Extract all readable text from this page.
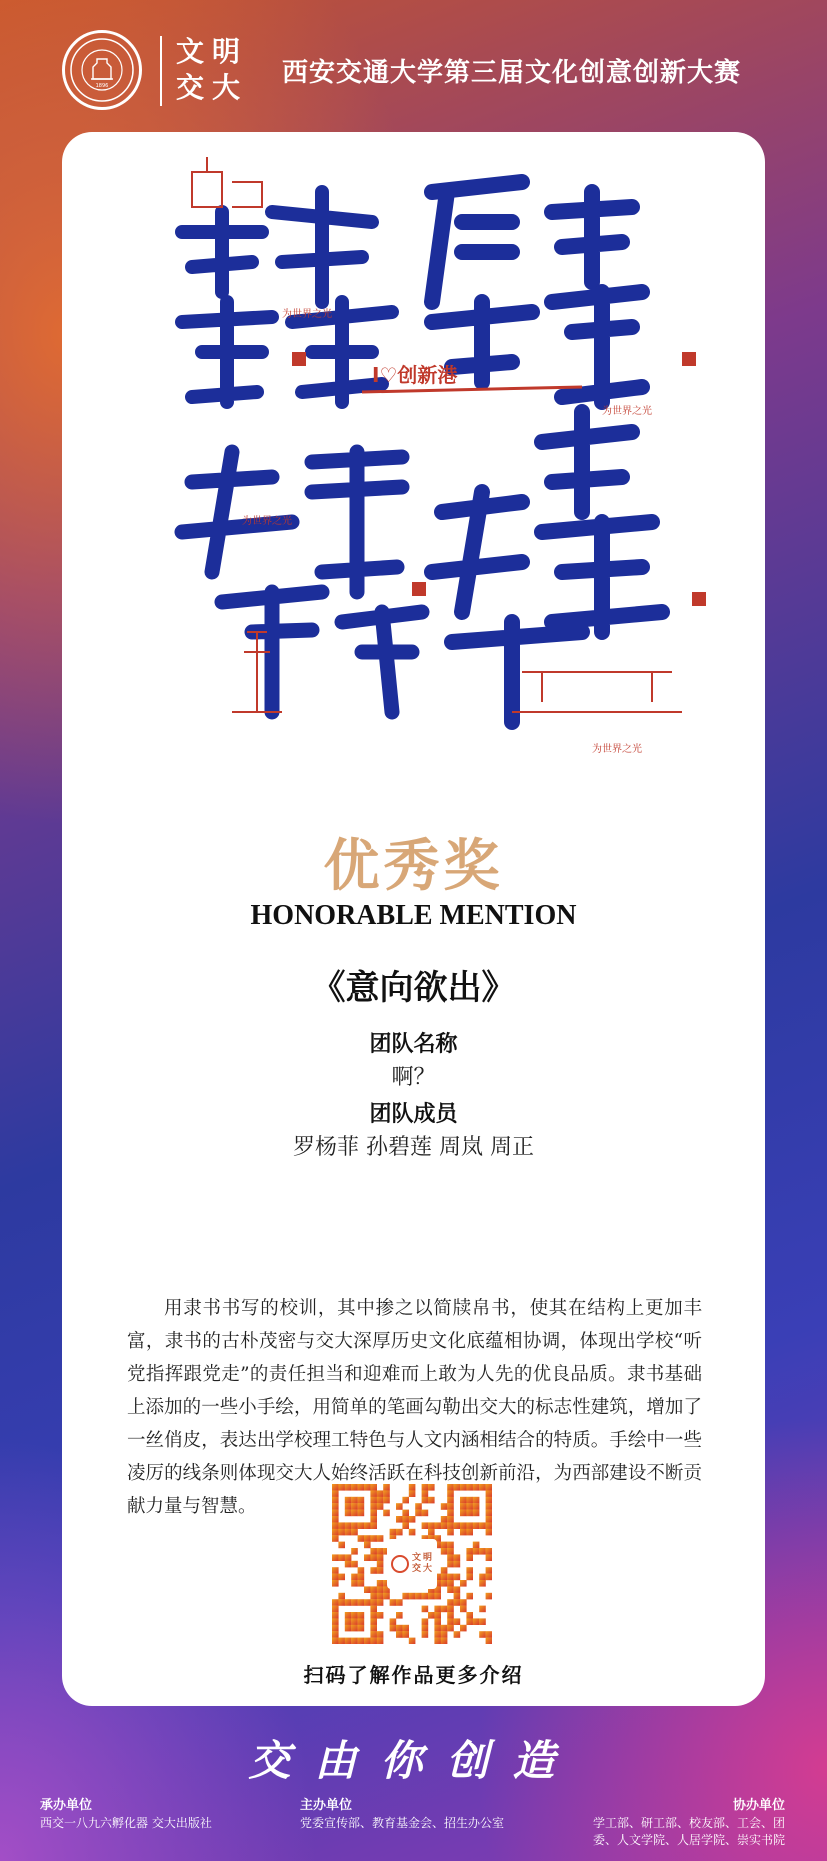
1896
文 明
交 大 西安交通大学第三届文化创意创新大赛
I♡创新港
为世界之光
为世界之光
为世界之光
为世界之光
优秀奖
HONORABLE MENTION
《意向欲出》
团队名称
啊？
团队成员
罗杨菲 孙碧莲 周岚 周正
用隶书书写的校训，其中掺之以简牍帛书，使其在结构上更加丰富，隶书的古朴茂密与交大深厚历史文化底蕴相协调，体现出学校“听党指挥跟党走”的责任担当和迎难而上敢为人先的优良品质。隶书基础上添加的一些小手绘，用简单的笔画勾勒出交大的标志性建筑，增加了一丝俏皮，表达出学校理工特色与人文内涵相结合的特质。手绘中一些凌厉的线条则体现交大人始终活跃在科技创新前沿，为西部建设不断贡献力量与智慧。
文 明
交 大
扫码了解作品更多介绍
交由你创造
承办单位
西交一八九六孵化器 交大出版社
主办单位
党委宣传部、教育基金会、招生办公室
协办单位
学工部、研工部、校友部、工会、团
委、人文学院、人居学院、崇实书院
